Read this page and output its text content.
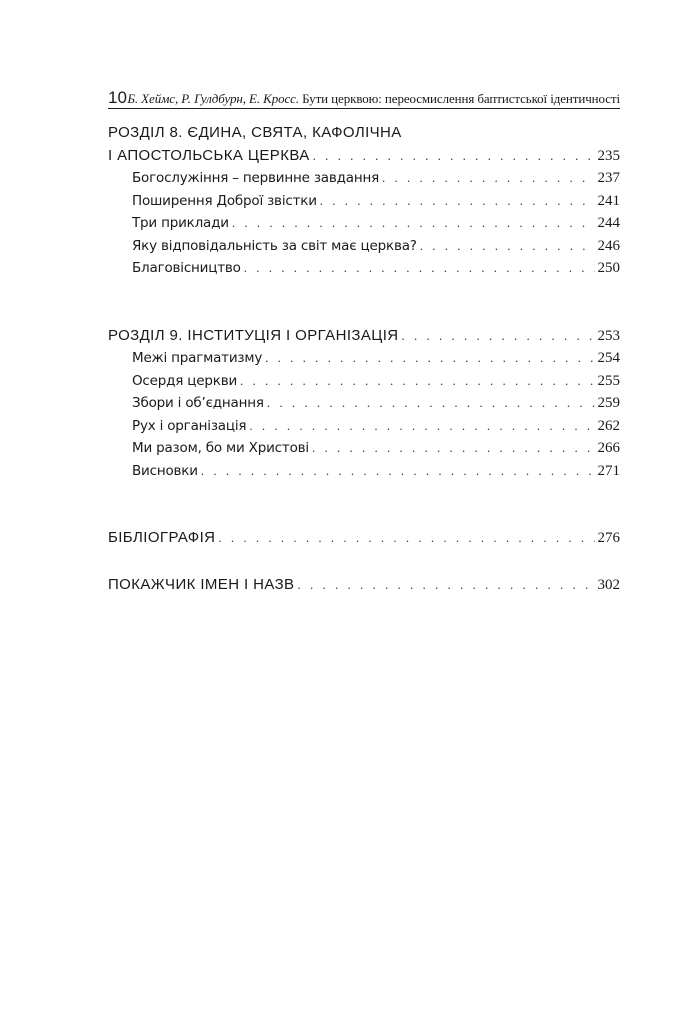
10 Б. Хеймс, Р. Гулдбурн, Е. Кросс. Бути церквою: переосмислення баптистської ідентичності
РОЗДІЛ 8. ЄДИНА, СВЯТА, КАФОЛІЧНА
І АПОСТОЛЬСЬКА ЦЕРКВА . . .	235
Богослужіння – первинне завдання . . .	237
Поширення Доброї звістки . . .	241
Три приклади . . .	244
Яку відповідальність за світ має церква? . . .	246
Благовісництво . . .	250
РОЗДІЛ 9. ІНСТИТУЦІЯ І ОРГАНІЗАЦІЯ . . .	253
Межі прагматизму . . .	254
Осердя церкви . . .	255
Збори і об’єднання . . .	259
Рух і організація . . .	262
Ми разом, бо ми Христові . . .	266
Висновки . . .	271
БІБЛІОГРАФІЯ . . .	276
ПОКАЖЧИК ІМЕН І НАЗВ . . .	302
